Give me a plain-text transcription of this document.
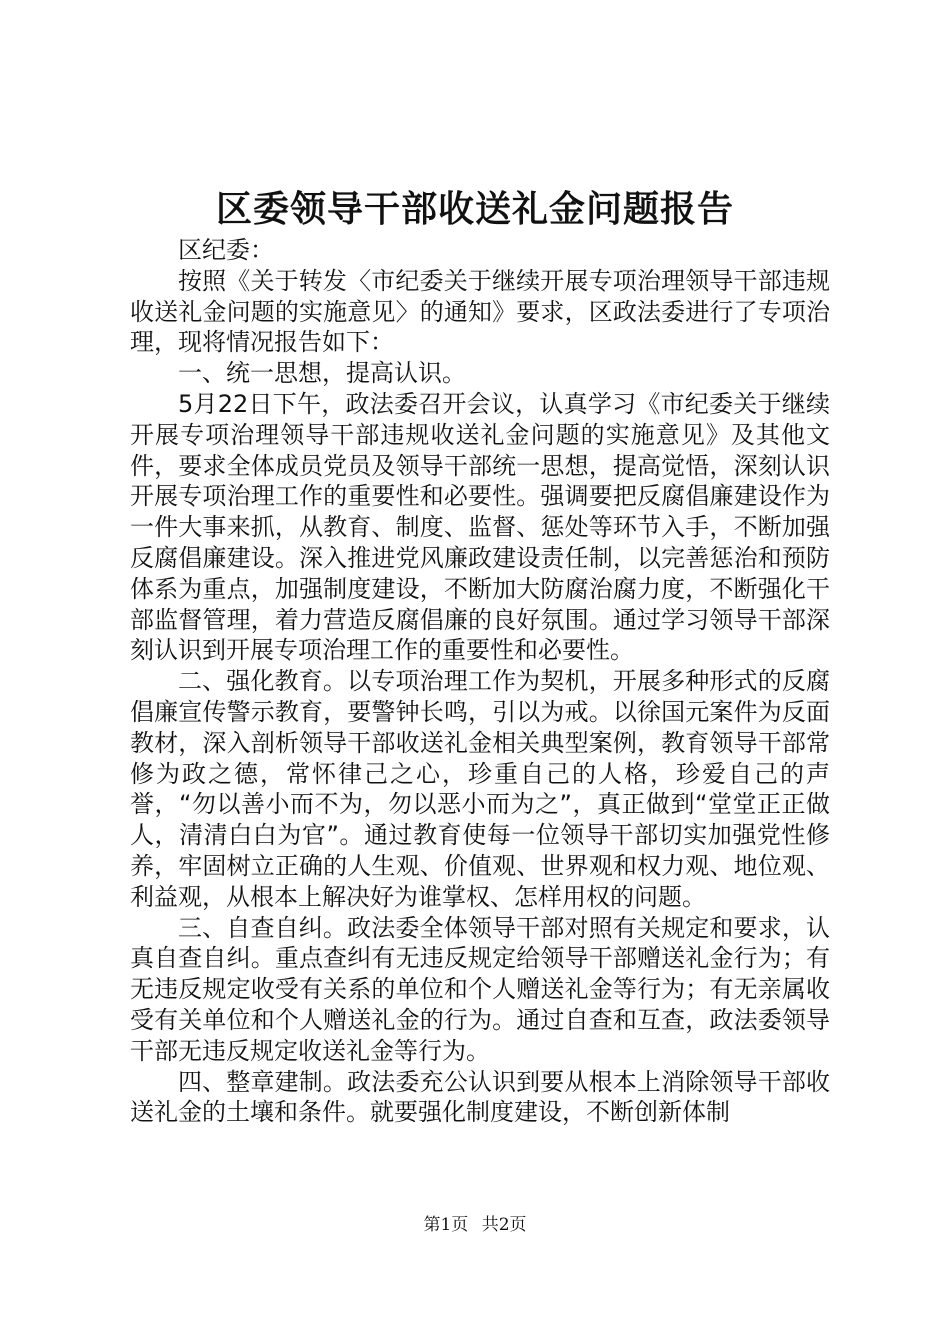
区委领导干部收送礼金问题报告

区纪委：

按照《关于转发〈市纪委关于继续开展专项治理领导干部违规收送礼金问题的实施意见〉的通知》要求，区政法委进行了专项治理，现将情况报告如下：

一、统一思想，提高认识。

5月22日下午，政法委召开会议，认真学习《市纪委关于继续开展专项治理领导干部违规收送礼金问题的实施意见》及其他文件，要求全体成员党员及领导干部统一思想，提高觉悟，深刻认识开展专项治理工作的重要性和必要性。强调要把反腐倡廉建设作为一件大事来抓，从教育、制度、监督、惩处等环节入手，不断加强反腐倡廉建设。深入推进党风廉政建设责任制，以完善惩治和预防体系为重点，加强制度建设，不断加大防腐治腐力度，不断强化干部监督管理，着力营造反腐倡廉的良好氛围。通过学习领导干部深刻认识到开展专项治理工作的重要性和必要性。

二、强化教育。以专项治理工作为契机，开展多种形式的反腐倡廉宣传警示教育，要警钟长鸣，引以为戒。以徐国元案件为反面教材，深入剖析领导干部收送礼金相关典型案例，教育领导干部常修为政之德，常怀律己之心，珍重自己的人格，珍爱自己的声誉，“勿以善小而不为，勿以恶小而为之”，真正做到“堂堂正正做人，清清白白为官”。通过教育使每一位领导干部切实加强党性修养，牢固树立正确的人生观、价值观、世界观和权力观、地位观、利益观，从根本上解决好为谁掌权、怎样用权的问题。

三、自查自纠。政法委全体领导干部对照有关规定和要求，认真自查自纠。重点查纠有无违反规定给领导干部赠送礼金行为；有无违反规定收受有关系的单位和个人赠送礼金等行为；有无亲属收受有关单位和个人赠送礼金的行为。通过自查和互查，政法委领导干部无违反规定收送礼金等行为。

四、整章建制。政法委充公认识到要从根本上消除领导干部收送礼金的土壤和条件。就要强化制度建设，不断创新体制

第1页 共2页
